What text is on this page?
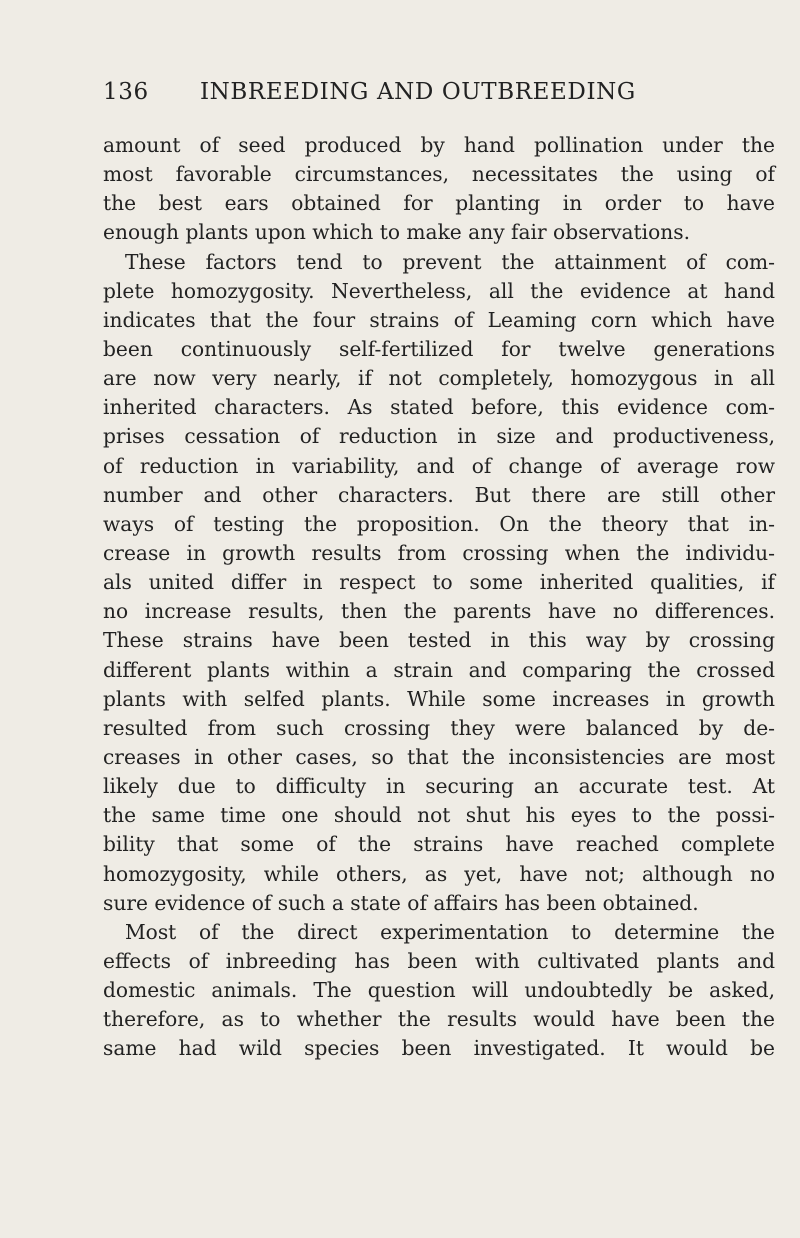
136 INBREEDING AND OUTBREEDING
amount of seed produced by hand pollination under the
most favorable circumstances, necessitates the using of
the best ears obtained for planting in order to have
enough plants upon which to make any fair observations.
These factors tend to prevent the attainment of com-
plete homozygosity. Nevertheless, all the evidence at hand
indicates that the four strains of Leaming corn which have
been continuously self-fertilized for twelve generations
are now very nearly, if not completely, homozygous in all
inherited characters. As stated before, this evidence com-
prises cessation of reduction in size and productiveness,
of reduction in variability, and of change of average row
number and other characters. But there are still other
ways of testing the proposition. On the theory that in-
crease in growth results from crossing when the individu-
als united differ in respect to some inherited qualities, if
no increase results, then the parents have no differences.
These strains have been tested in this way by crossing
different plants within a strain and comparing the crossed
plants with selfed plants. While some increases in growth
resulted from such crossing they were balanced by de-
creases in other cases, so that the inconsistencies are most
likely due to difficulty in securing an accurate test. At
the same time one should not shut his eyes to the possi-
bility that some of the strains have reached complete
homozygosity, while others, as yet, have not; although no
sure evidence of such a state of affairs has been obtained.
Most of the direct experimentation to determine the
effects of inbreeding has been with cultivated plants and
domestic animals. The question will undoubtedly be asked,
therefore, as to whether the results would have been the
same had wild species been investigated. It would be
